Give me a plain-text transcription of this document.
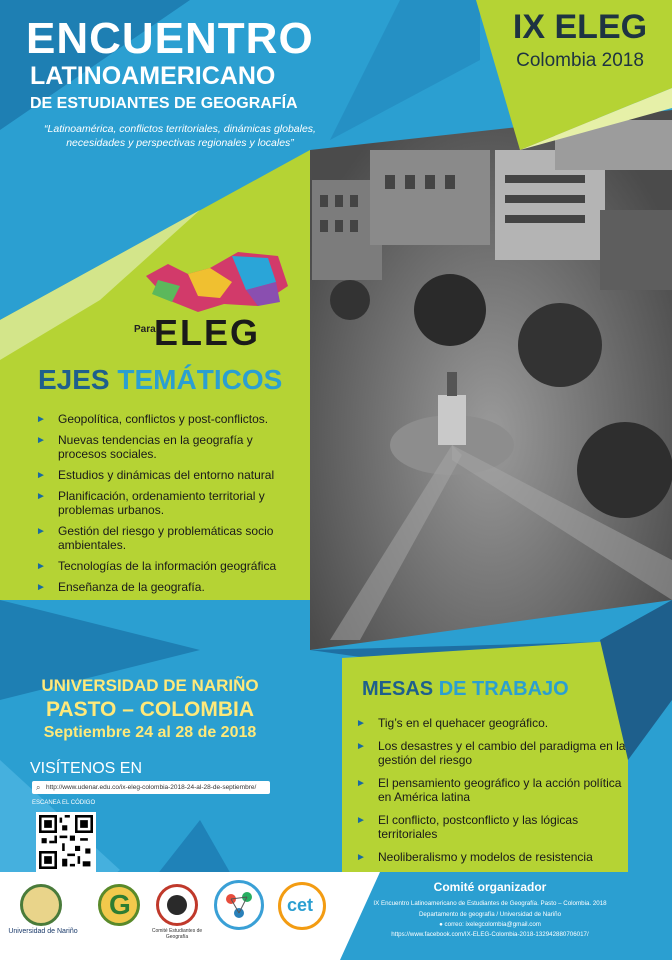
ENCUENTRO
LATINOAMERICANO
DE ESTUDIANTES DE GEOGRAFÍA
“Latinoamérica, conflictos territoriales, dinámicas globales, necesidades y perspectivas regionales y locales”
IX ELEG
Colombia 2018
Para
ELEG
EJES TEMÁTICOS
► Geopolítica, conflictos y post-conflictos.
► Nuevas tendencias en la geografía y procesos sociales.
► Estudios y dinámicas del entorno natural
► Planificación, ordenamiento territorial y problemas urbanos.
► Gestión del riesgo y problemáticas socio ambientales.
► Tecnologías de la información geográfica
► Enseñanza de la geografía.
UNIVERSIDAD DE NARIÑO
PASTO – COLOMBIA
Septiembre 24 al 28 de 2018
VISÍTENOS EN
⌕ http://www.udenar.edu.co/ix-eleg-colombia-2018-24-al-28-de-septiembre/
ESCANEA EL CÓDIGO
MESAS DE TRABAJO
► Tig’s en el quehacer geográfico.
► Los desastres y el cambio del paradigma en la gestión del riesgo
► El pensamiento geográfico y la acción política en América latina
► El conflicto, postconflicto y las lógicas territoriales
► Neoliberalismo y modelos de resistencia
Comité organizador
IX Encuentro Latinoamericano de Estudiantes de Geografía. Pasto – Colombia. 2018
Departamento de geografía / Universidad de Nariño
● correo: ixelegcolombia@gmail.com
https://www.facebook.com/IX-ELEG-Colombia-2018-132942880706017/
Universidad de Nariño
G
Comité Estudiantes de Geografía
cet
